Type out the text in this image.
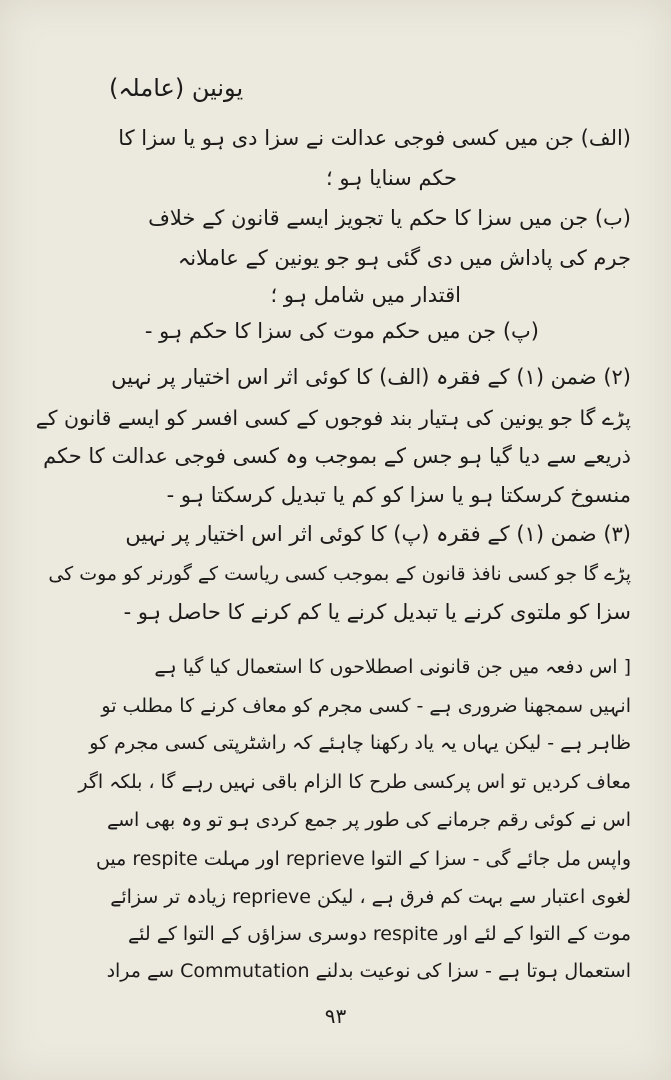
یونین (عاملہ)
(الف) جن میں کسی فوجی عدالت نے سزا دی ہو یا سزا کا
حکم سنایا ہو ؛
(ب) جن میں سزا کا حکم یا تجویز ایسے قانون کے خلاف
جرم کی پاداش میں دی گئی ہو جو یونین کے عاملانہ
اقتدار میں شامل ہو ؛
(پ) جن میں حکم موت کی سزا کا حکم ہو -
(۲) ضمن (۱) کے فقرہ (الف) کا کوئی اثر اس اختیار پر نہیں
پڑے گا جو یونین کی ہتیار بند فوجوں کے کسی افسر کو ایسے قانون کے
ذریعے سے دیا گیا ہو جس کے بموجب وہ کسی فوجی عدالت کا حکم
منسوخ کرسکتا ہو یا سزا کو کم یا تبدیل کرسکتا ہو -
(۳) ضمن (۱) کے فقرہ (پ) کا کوئی اثر اس اختیار پر نہیں
پڑے گا جو کسی نافذ قانون کے بموجب کسی ریاست کے گورنر کو موت کی
سزا کو ملتوی کرنے یا تبدیل کرنے یا کم کرنے کا حاصل ہو -
[ اس دفعہ میں جن قانونی اصطلاحوں کا استعمال کیا گیا ہے
انہیں سمجھنا ضروری ہے - کسی مجرم کو معاف کرنے کا مطلب تو
ظاہر ہے - لیکن یہاں یہ یاد رکھنا چاہئے کہ راشٹرپتی کسی مجرم کو
معاف کردیں تو اس پرکسی طرح کا الزام باقی نہیں رہے گا ، بلکہ اگر
اس نے کوئی رقم جرمانے کی طور پر جمع کردی ہو تو وہ بھی اسے
واپس مل جائے گی - سزا کے التوا reprieve اور مہلت respite میں
لغوی اعتبار سے بہت کم فرق ہے ، لیکن reprieve زیادہ تر سزائے
موت کے التوا کے لئے اور respite دوسری سزاؤں کے التوا کے لئے
استعمال ہوتا ہے - سزا کی نوعیت بدلنے Commutation سے مراد
۹۳
